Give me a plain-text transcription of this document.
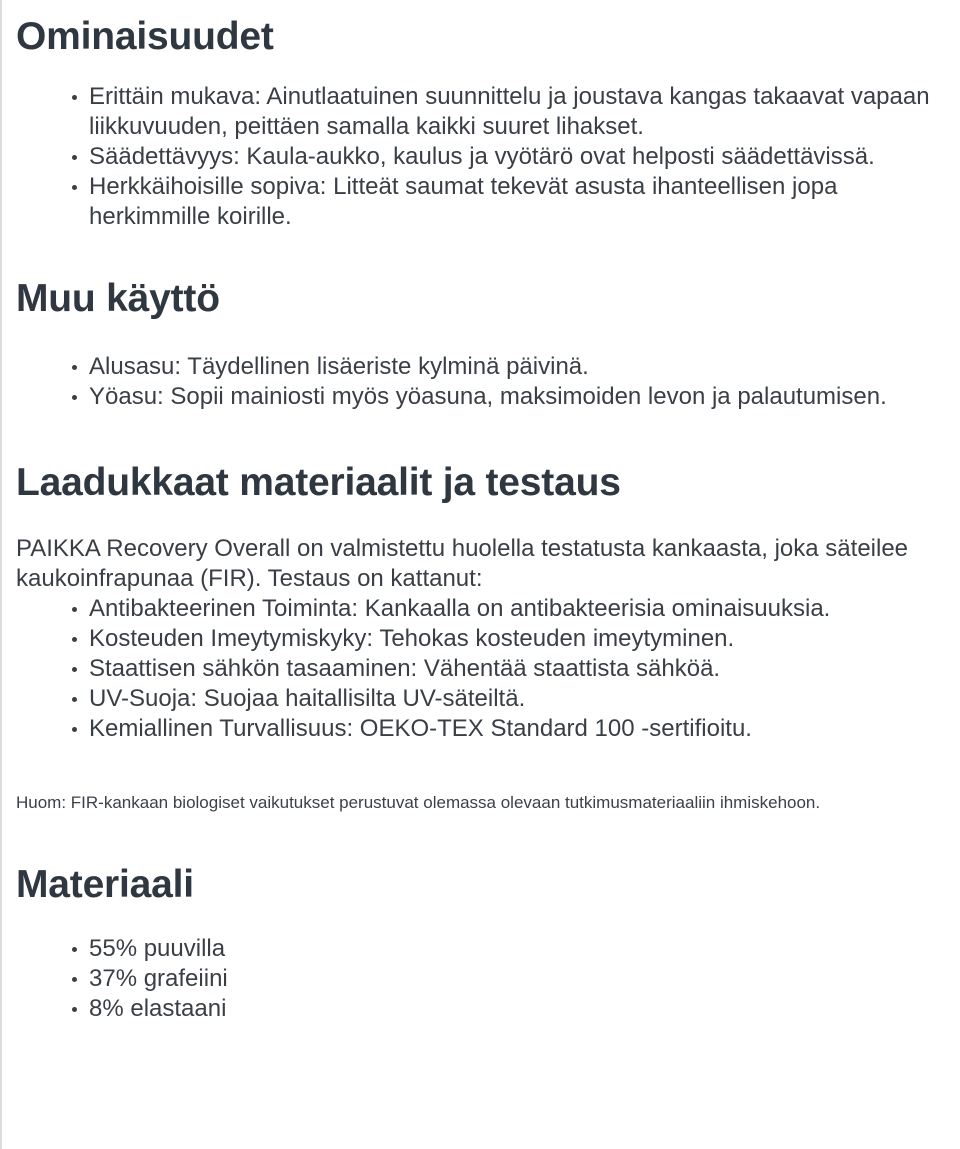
Ominaisuudet
Erittäin mukava: Ainutlaatuinen suunnittelu ja joustava kangas takaavat vapaan liikkuvuuden, peittäen samalla kaikki suuret lihakset.
Säädettävyys: Kaula-aukko, kaulus ja vyötärö ovat helposti säädettävissä.
Herkkäihoisille sopiva: Litteät saumat tekevät asusta ihanteellisen jopa herkimmille koirille.
Muu käyttö
Alusasu: Täydellinen lisäeriste kylminä päivinä.
Yöasu: Sopii mainiosti myös yöasuna, maksimoiden levon ja palautumisen.
Laadukkaat materiaalit ja testaus

PAIKKA Recovery Overall on valmistettu huolella testatusta kankaasta, joka säteilee kaukoinfrapunaa (FIR). Testaus on kattanut:

Antibakteerinen Toiminta: Kankaalla on antibakteerisia ominaisuuksia.
Kosteuden Imeytymiskyky: Tehokas kosteuden imeytyminen.
Staattisen sähkön tasaaminen: Vähentää staattista sähköä.
UV-Suoja: Suojaa haitallisilta UV-säteiltä.
Kemiallinen Turvallisuus: OEKO-TEX Standard 100 -sertifioitu.

Huom: FIR-kankaan biologiset vaikutukset perustuvat olemassa olevaan tutkimusmateriaaliin ihmiskehoon.

Materiaali
55% puuvilla
37% grafeiini
8% elastaani
